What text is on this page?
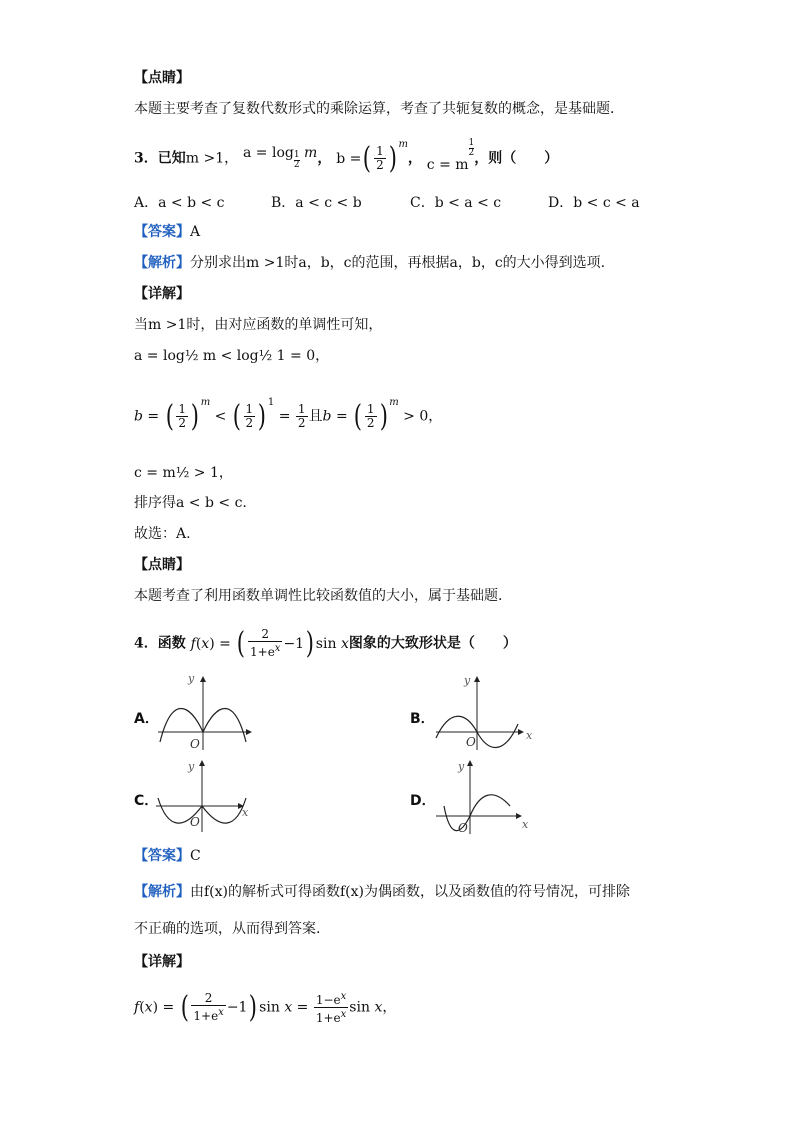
【点睛】
本题主要考查了复数代数形式的乘除运算，考查了共轭复数的概念，是基础题．
3．已知m >1， $a = \log \frac{1}{2}$ m， b =( $\frac{1}{2}$ ) $^m$， c = m
$^{\frac{1}{2}}$，则（　　）
A．a < b < c	B．a < c < b	C．b < a < c	D．b < c < a
【答案】A
【解析】分别求出m >1时a，b，c的范围，再根据a，b，c的大小得到选项.
【详解】
当m >1时，由对应函数的单调性可知，
a = log½ m < log½ 1 = 0，
b = ( $\frac{1}{2}$ ) $^m$ < ( $\frac{1}{2}$ ) $^1 = \frac{1}{2}$ 且b = ( $\frac{1}{2}$ ) $^m$ > 0，
c = m½ > 1，
排序得a < b < c.
故选：A.
【点睛】
本题考查了利用函数单调性比较函数值的大小，属于基础题.
4．函数 f(x) = ( $\frac{2}{1+e^x} -1$) sin x图象的大致形状是（　　）
A．
y
O
B．
y
x
O
C．
y
x
O
D．
y
x
O
【答案】C
【解析】由f(x)的解析式可得函数f(x)为偶函数，以及函数值的符号情况，可排除
不正确的选项，从而得到答案.
【详解】
f(x) = ( $\frac{2}{1+e^x} -1$) $\sin x = \frac{1-e^x}{1+e^x}$ sin x，
